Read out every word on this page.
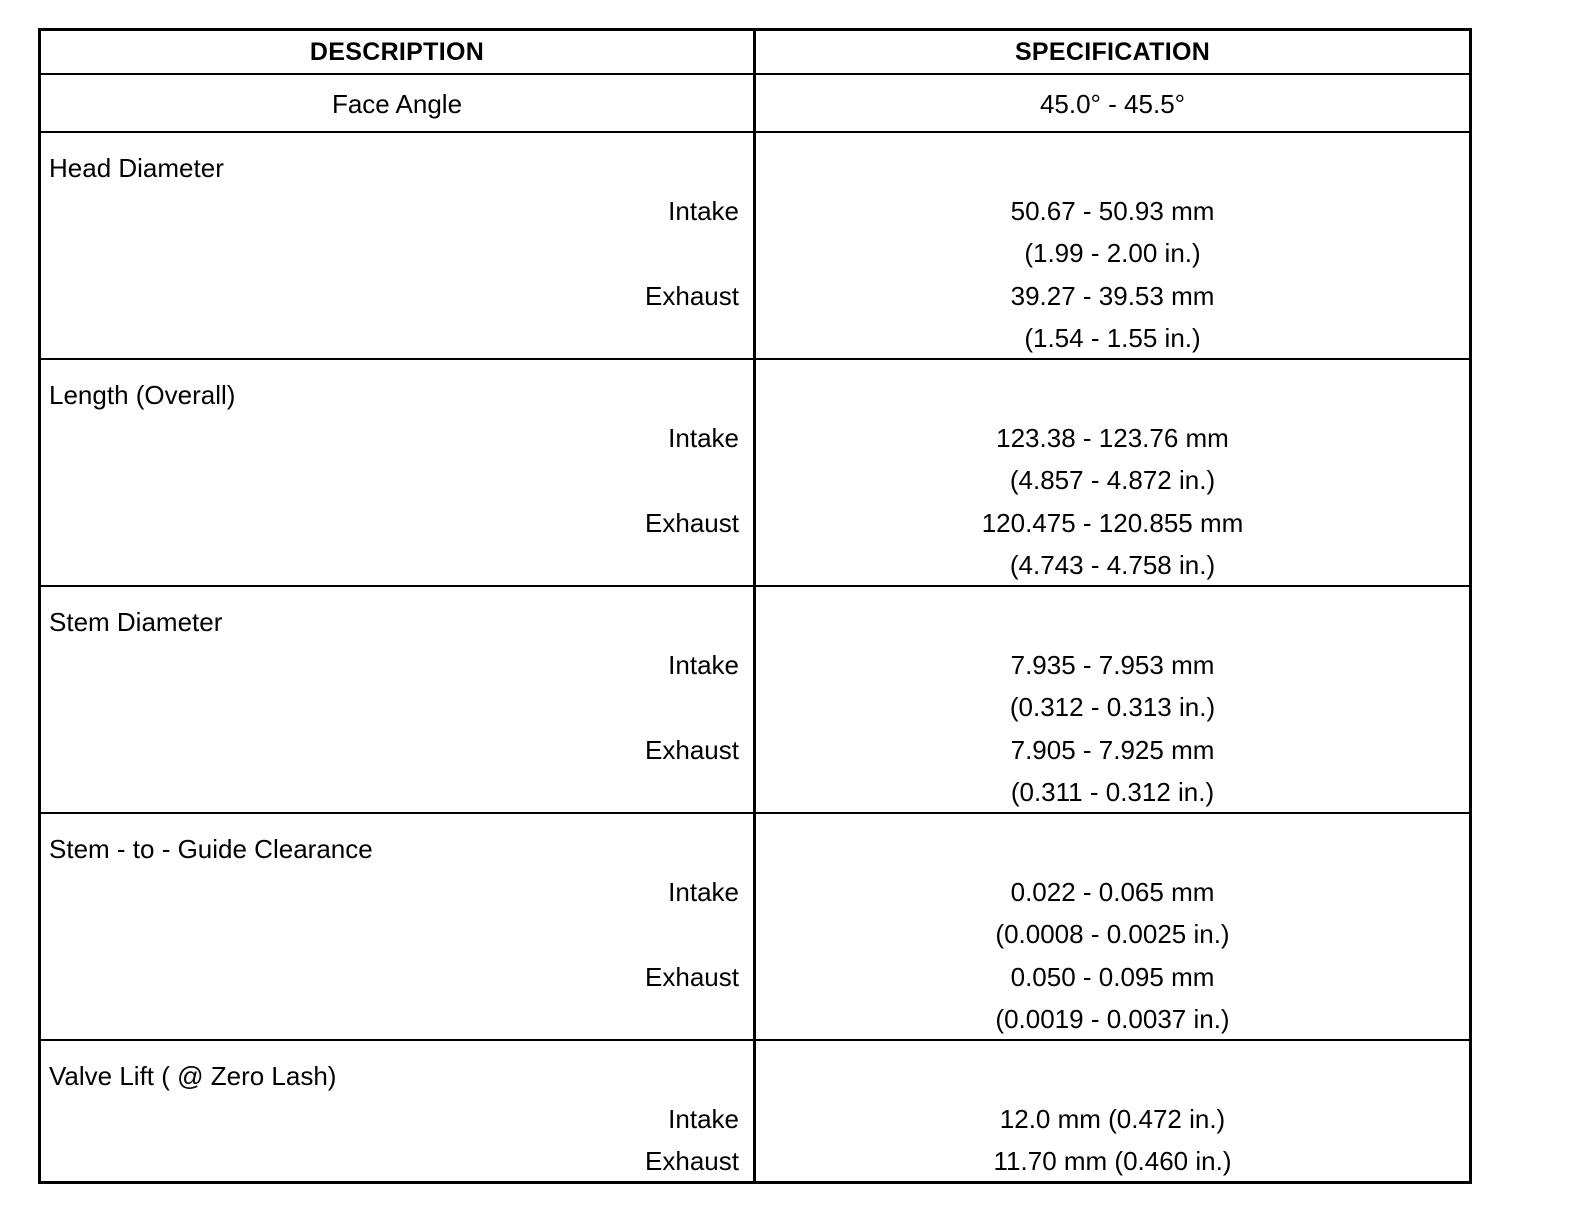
DESCRIPTION	SPECIFICATION
Face Angle	45.0° - 45.5°
Head Diameter
Intake
Exhaust
50.67 - 50.93 mm
(1.99 - 2.00 in.)
39.27 - 39.53 mm
(1.54 - 1.55 in.)
Length (Overall)
Intake
Exhaust
123.38 - 123.76 mm
(4.857 - 4.872 in.)
120.475 - 120.855 mm
(4.743 - 4.758 in.)
Stem Diameter
Intake
Exhaust
7.935 - 7.953 mm
(0.312 - 0.313 in.)
7.905 - 7.925 mm
(0.311 - 0.312 in.)
Stem - to - Guide Clearance
Intake
Exhaust
0.022 - 0.065 mm
(0.0008 - 0.0025 in.)
0.050 - 0.095 mm
(0.0019 - 0.0037 in.)
Valve Lift ( @ Zero Lash)
Intake
Exhaust
12.0 mm (0.472 in.)
11.70 mm (0.460 in.)
